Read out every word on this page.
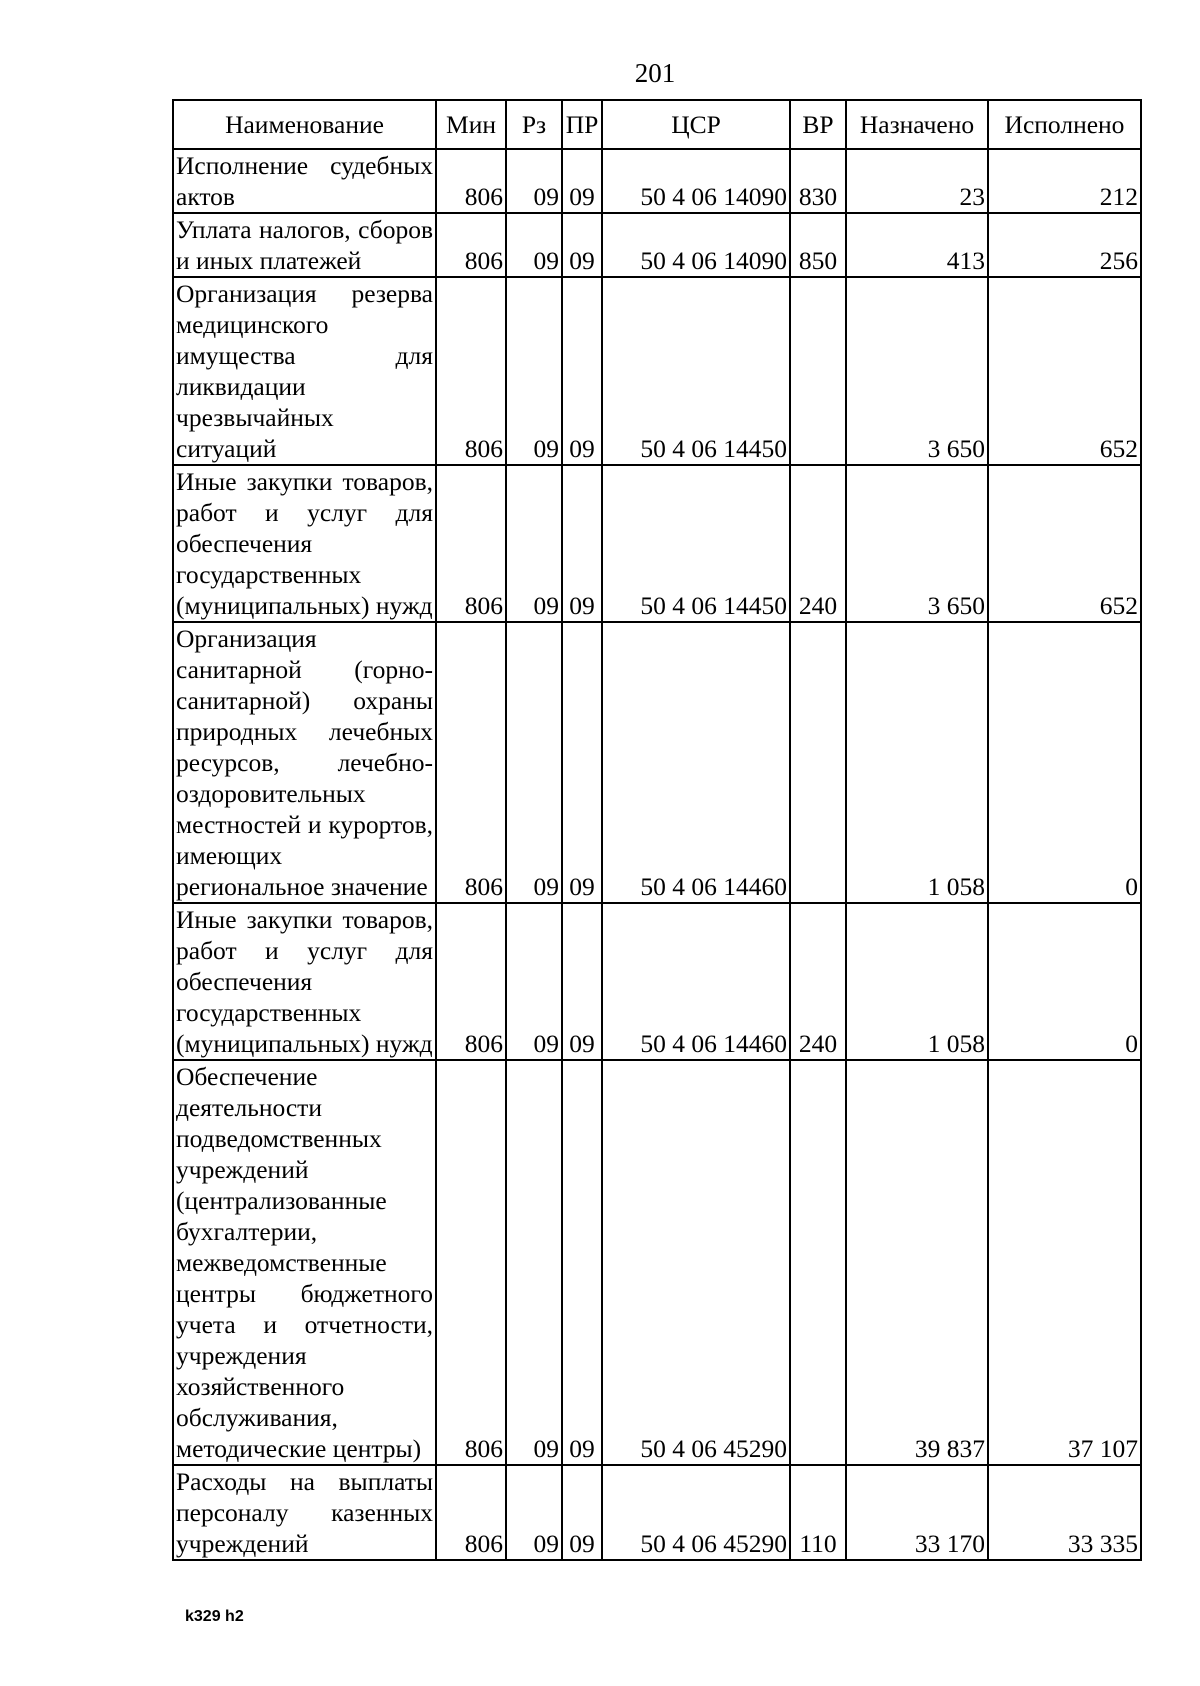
201
Наименование	Мин	Рз	ПР	ЦСР	ВР	Назначено	Исполнено
Исполнение судебных актов	806	09	09	50 4 06 14090	830	23	212
Уплата налогов, сборов и иных платежей	806	09	09	50 4 06 14090	850	413	256
Организация резерва медицинского имущества для ликвидации чрезвычайных ситуаций	806	09	09	50 4 06 14450		3 650	652
Иные закупки товаров, работ и услуг для обеспечения государственных (муниципальных) нужд	806	09	09	50 4 06 14450	240	3 650	652
Организация санитарной (горно-санитарной) охраны природных лечебных ресурсов, лечебно-оздоровительных местностей и курортов, имеющих региональное значение	806	09	09	50 4 06 14460		1 058	0
Иные закупки товаров, работ и услуг для обеспечения государственных (муниципальных) нужд	806	09	09	50 4 06 14460	240	1 058	0
Обеспечение деятельности подведомственных учреждений (централизованные бухгалтерии, межведомственные центры бюджетного учета и отчетности, учреждения хозяйственного обслуживания, методические центры)	806	09	09	50 4 06 45290		39 837	37 107
Расходы на выплаты персоналу казенных учреждений	806	09	09	50 4 06 45290	110	33 170	33 335
k329 h2
